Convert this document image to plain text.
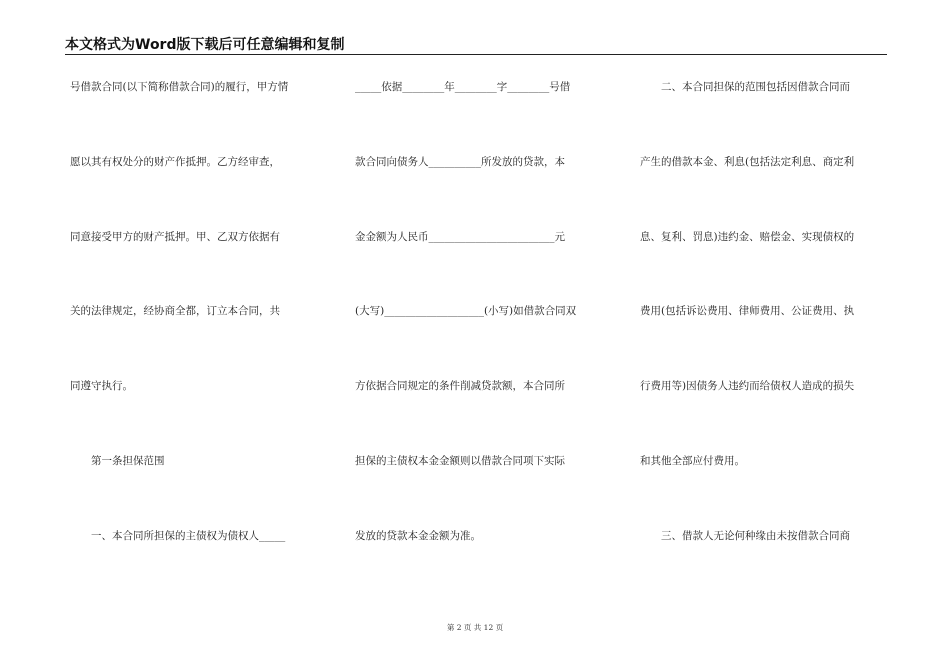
本文格式为Word版下载后可任意编辑和复制
号借款合同(以下简称借款合同)的履行，甲方情
愿以其有权处分的财产作抵押。乙方经审查，
同意接受甲方的财产抵押。甲、乙双方依据有
关的法律规定，经协商全都，订立本合同，共
同遵守执行。
　　第一条担保范围
　　一、本合同所担保的主债权为债权人_____
_____依据________年________字________号借
款合同向债务人__________所发放的贷款，本
金金额为人民币________________________元
(大写)___________________(小写)如借款合同双
方依据合同规定的条件削减贷款额，本合同所
担保的主债权本金金额则以借款合同项下实际
发放的贷款本金金额为准。
　　二、本合同担保的范围包括因借款合同而
产生的借款本金、利息(包括法定利息、商定利
息、复利、罚息)违约金、赔偿金、实现债权的
费用(包括诉讼费用、律师费用、公证费用、执
行费用等)因债务人违约而给债权人造成的损失
和其他全部应付费用。
　　三、借款人无论何种缘由未按借款合同商
第 2 页 共 12 页
